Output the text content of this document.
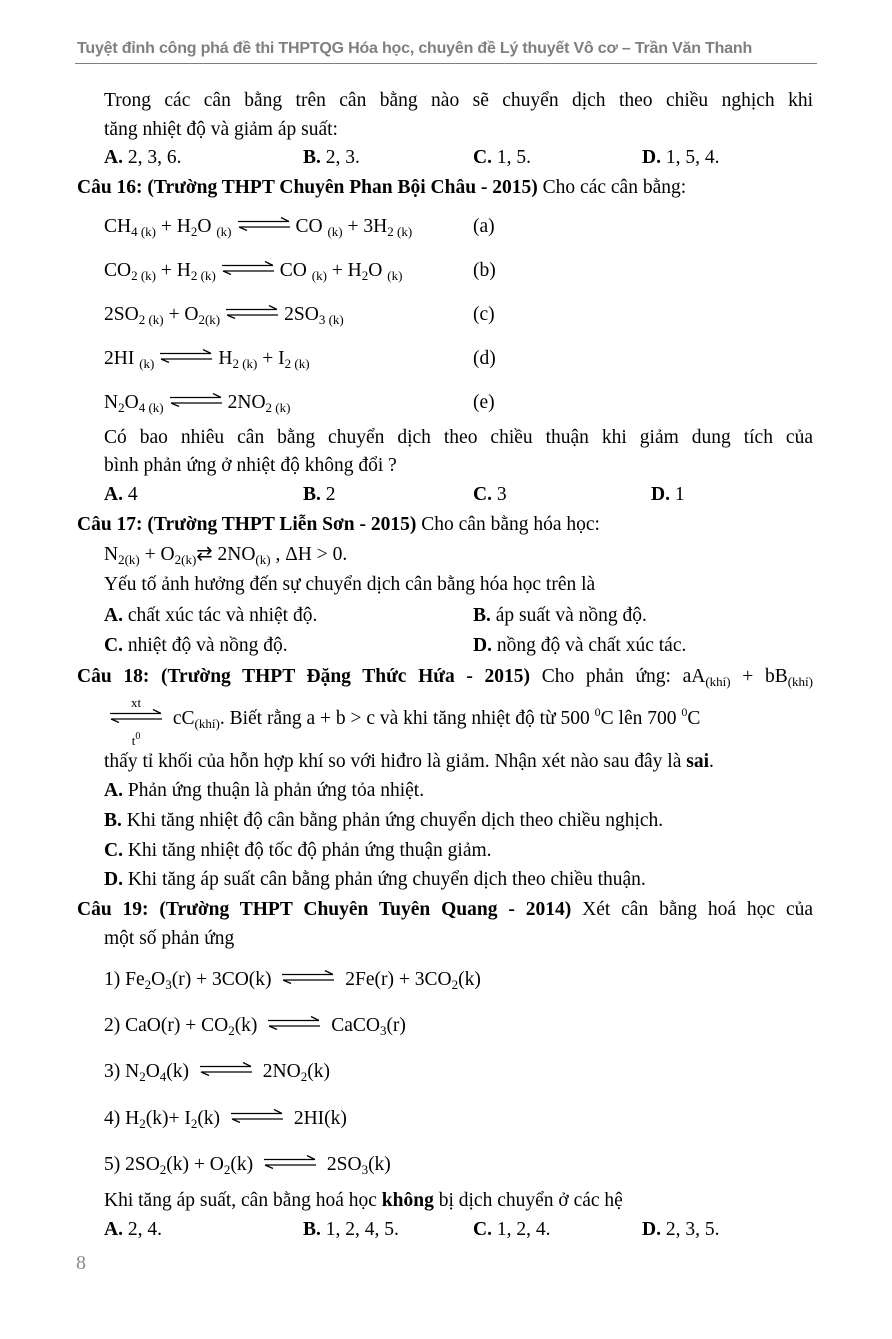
Tuyệt đỉnh công phá đề thi THPTQG Hóa học, chuyên đề Lý thuyết Vô cơ – Trần Văn Thanh
Trong các cân bằng trên cân bằng nào sẽ chuyển dịch theo chiều nghịch khi
tăng nhiệt độ và giảm áp suất:
A. 2, 3, 6.	B. 2, 3.	C. 1, 5.	D. 1, 5, 4.
Câu 16: (Trường THPT Chuyên Phan Bội Châu - 2015) Cho các cân bằng:
$CH_{4 (k)} + H_2O$ $_{(k)}$ ⇌ CO $_{(k)} + 3H_{2 (k)}$	(a)
$CO_{2 (k)} + H_{2 (k)}$ ⇌ CO $_{(k)} + H_2O$ $_{(k)}$	(b)
$2SO_{2 (k)} + O_{2(k)}$ ⇌ $2SO_{3 (k)}$	(c)
2HI $_{(k)}$ ⇌ $H_{2 (k)} + I_{2 (k)}$	(d)
$N_2O_{4 (k)}$ ⇌ $2NO_{2 (k)}$	(e)
Có bao nhiêu cân bằng chuyển dịch theo chiều thuận khi giảm dung tích của
bình phản ứng ở nhiệt độ không đổi ?
A. 4	B. 2	C. 3	D. 1
Câu 17: (Trường THPT Liễn Sơn - 2015) Cho cân bằng hóa học:
$N_{2(k)}$ + $O_{2(k)}⇄$ $2NO_{(k)}$ , ΔH > 0.
Yếu tố ảnh hưởng đến sự chuyển dịch cân bằng hóa học trên là
A. chất xúc tác và nhiệt độ.	B. áp suất và nồng độ.
C. nhiệt độ và nồng độ.	D. nồng độ và chất xúc tác.
Câu 18: (Trường THPT Đặng Thức Hứa - 2015) Cho phản ứng: $aA_{(khí)} + bB_{(khí)}$
xt
$t^0$
$cC_{(khí)}$. Biết rằng a + b > c và khi tăng nhiệt độ từ 500 $^0$C lên 700 $^0$C
thấy tỉ khối của hỗn hợp khí so với hiđro là giảm. Nhận xét nào sau đây là sai.
A. Phản ứng thuận là phản ứng tỏa nhiệt.
B. Khi tăng nhiệt độ cân bằng phản ứng chuyển dịch theo chiều nghịch.
C. Khi tăng nhiệt độ tốc độ phản ứng thuận giảm.
D. Khi tăng áp suất cân bằng phản ứng chuyển dịch theo chiều thuận.
Câu 19: (Trường THPT Chuyên Tuyên Quang - 2014) Xét cân bằng hoá học của
một số phản ứng
1) $Fe_2O_3(r) + 3CO(k)$ ⇌ $2Fe(r) + 3CO_2(k)$
2) $CaO(r) + CO_2(k)$ ⇌ CaCO$_3$(r)
3) $N_2O_4(k)$ ⇌ $2NO_2(k)$
4) $H_2(k)+ I_2(k)$ ⇌ 2HI(k)
5) $2SO_2(k) + O_2(k)$ ⇌ $2SO_3(k)$
Khi tăng áp suất, cân bằng hoá học không bị dịch chuyển ở các hệ
A. 2, 4.	B. 1, 2, 4, 5.	C. 1, 2, 4.	D. 2, 3, 5.
8
